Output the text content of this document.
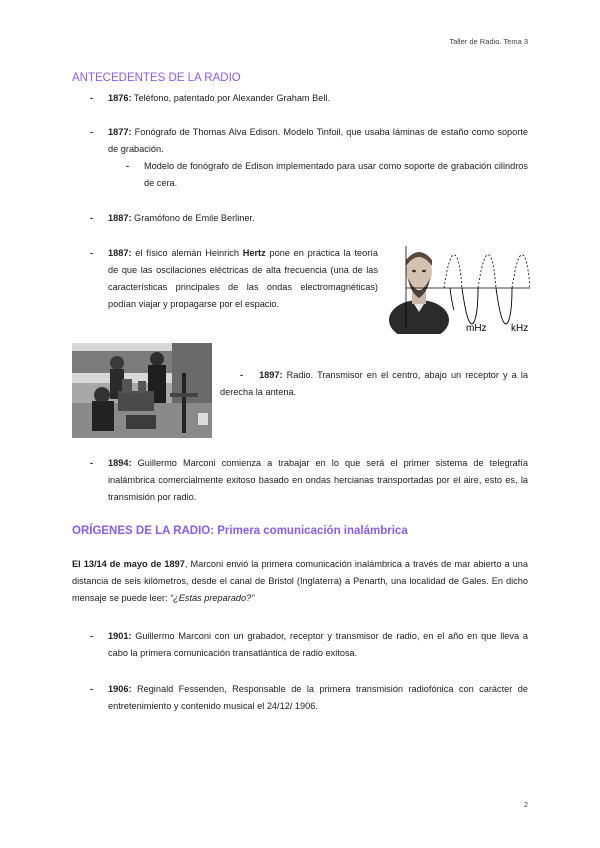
Taller de Radio. Tema 3
ANTECEDENTES DE LA RADIO
- 1876: Teléfono, patentado por Alexander Graham Bell.
- 1877: Fonógrafo de Thomas Alva Edison. Modelo Tinfoil, que usaba láminas de estaño como soporte de grabación.
- Modelo de fonógrafo de Edison implementado para usar como soporte de grabación cilindros de cera.
- 1887: Gramófono de Emile Berliner.
- 1887: el físico alemán Heinrich Hertz pone en práctica la teoría de que las oscilaciones eléctricas de alta frecuencia (una de las características principales de las ondas electromagnéticas) podían viajar y propagarse por el espacio.
mHz kHz
- 1897: Radio. Transmisor en el centro, abajo un receptor y a la derecha la antena.
- 1894: Guillermo Marconi comienza a trabajar en lo que será el primer sistema de telegrafía inalámbrica comercialmente exitoso basado en ondas hercianas transportadas por el aire, esto es, la transmisión por radio.
ORÍGENES DE LA RADIO: Primera comunicación inalámbrica
El 13/14 de mayo de 1897, Marconi envió la primera comunicación inalámbrica a través de mar abierto a una distancia de seis kilómetros, desde el canal de Bristol (Inglaterra) a Penarth, una localidad de Gales. En dicho mensaje se puede leer: “¿Estás preparado?”
- 1901: Guillermo Marconi con un grabador, receptor y transmisor de radio, en el año en que lleva a cabo la primera comunicación transatlántica de radio exitosa.
- 1906: Reginald Fessenden, Responsable de la primera transmisión radiofónica con carácter de entretenimiento y contenido musical el 24/12/ 1906.
2
